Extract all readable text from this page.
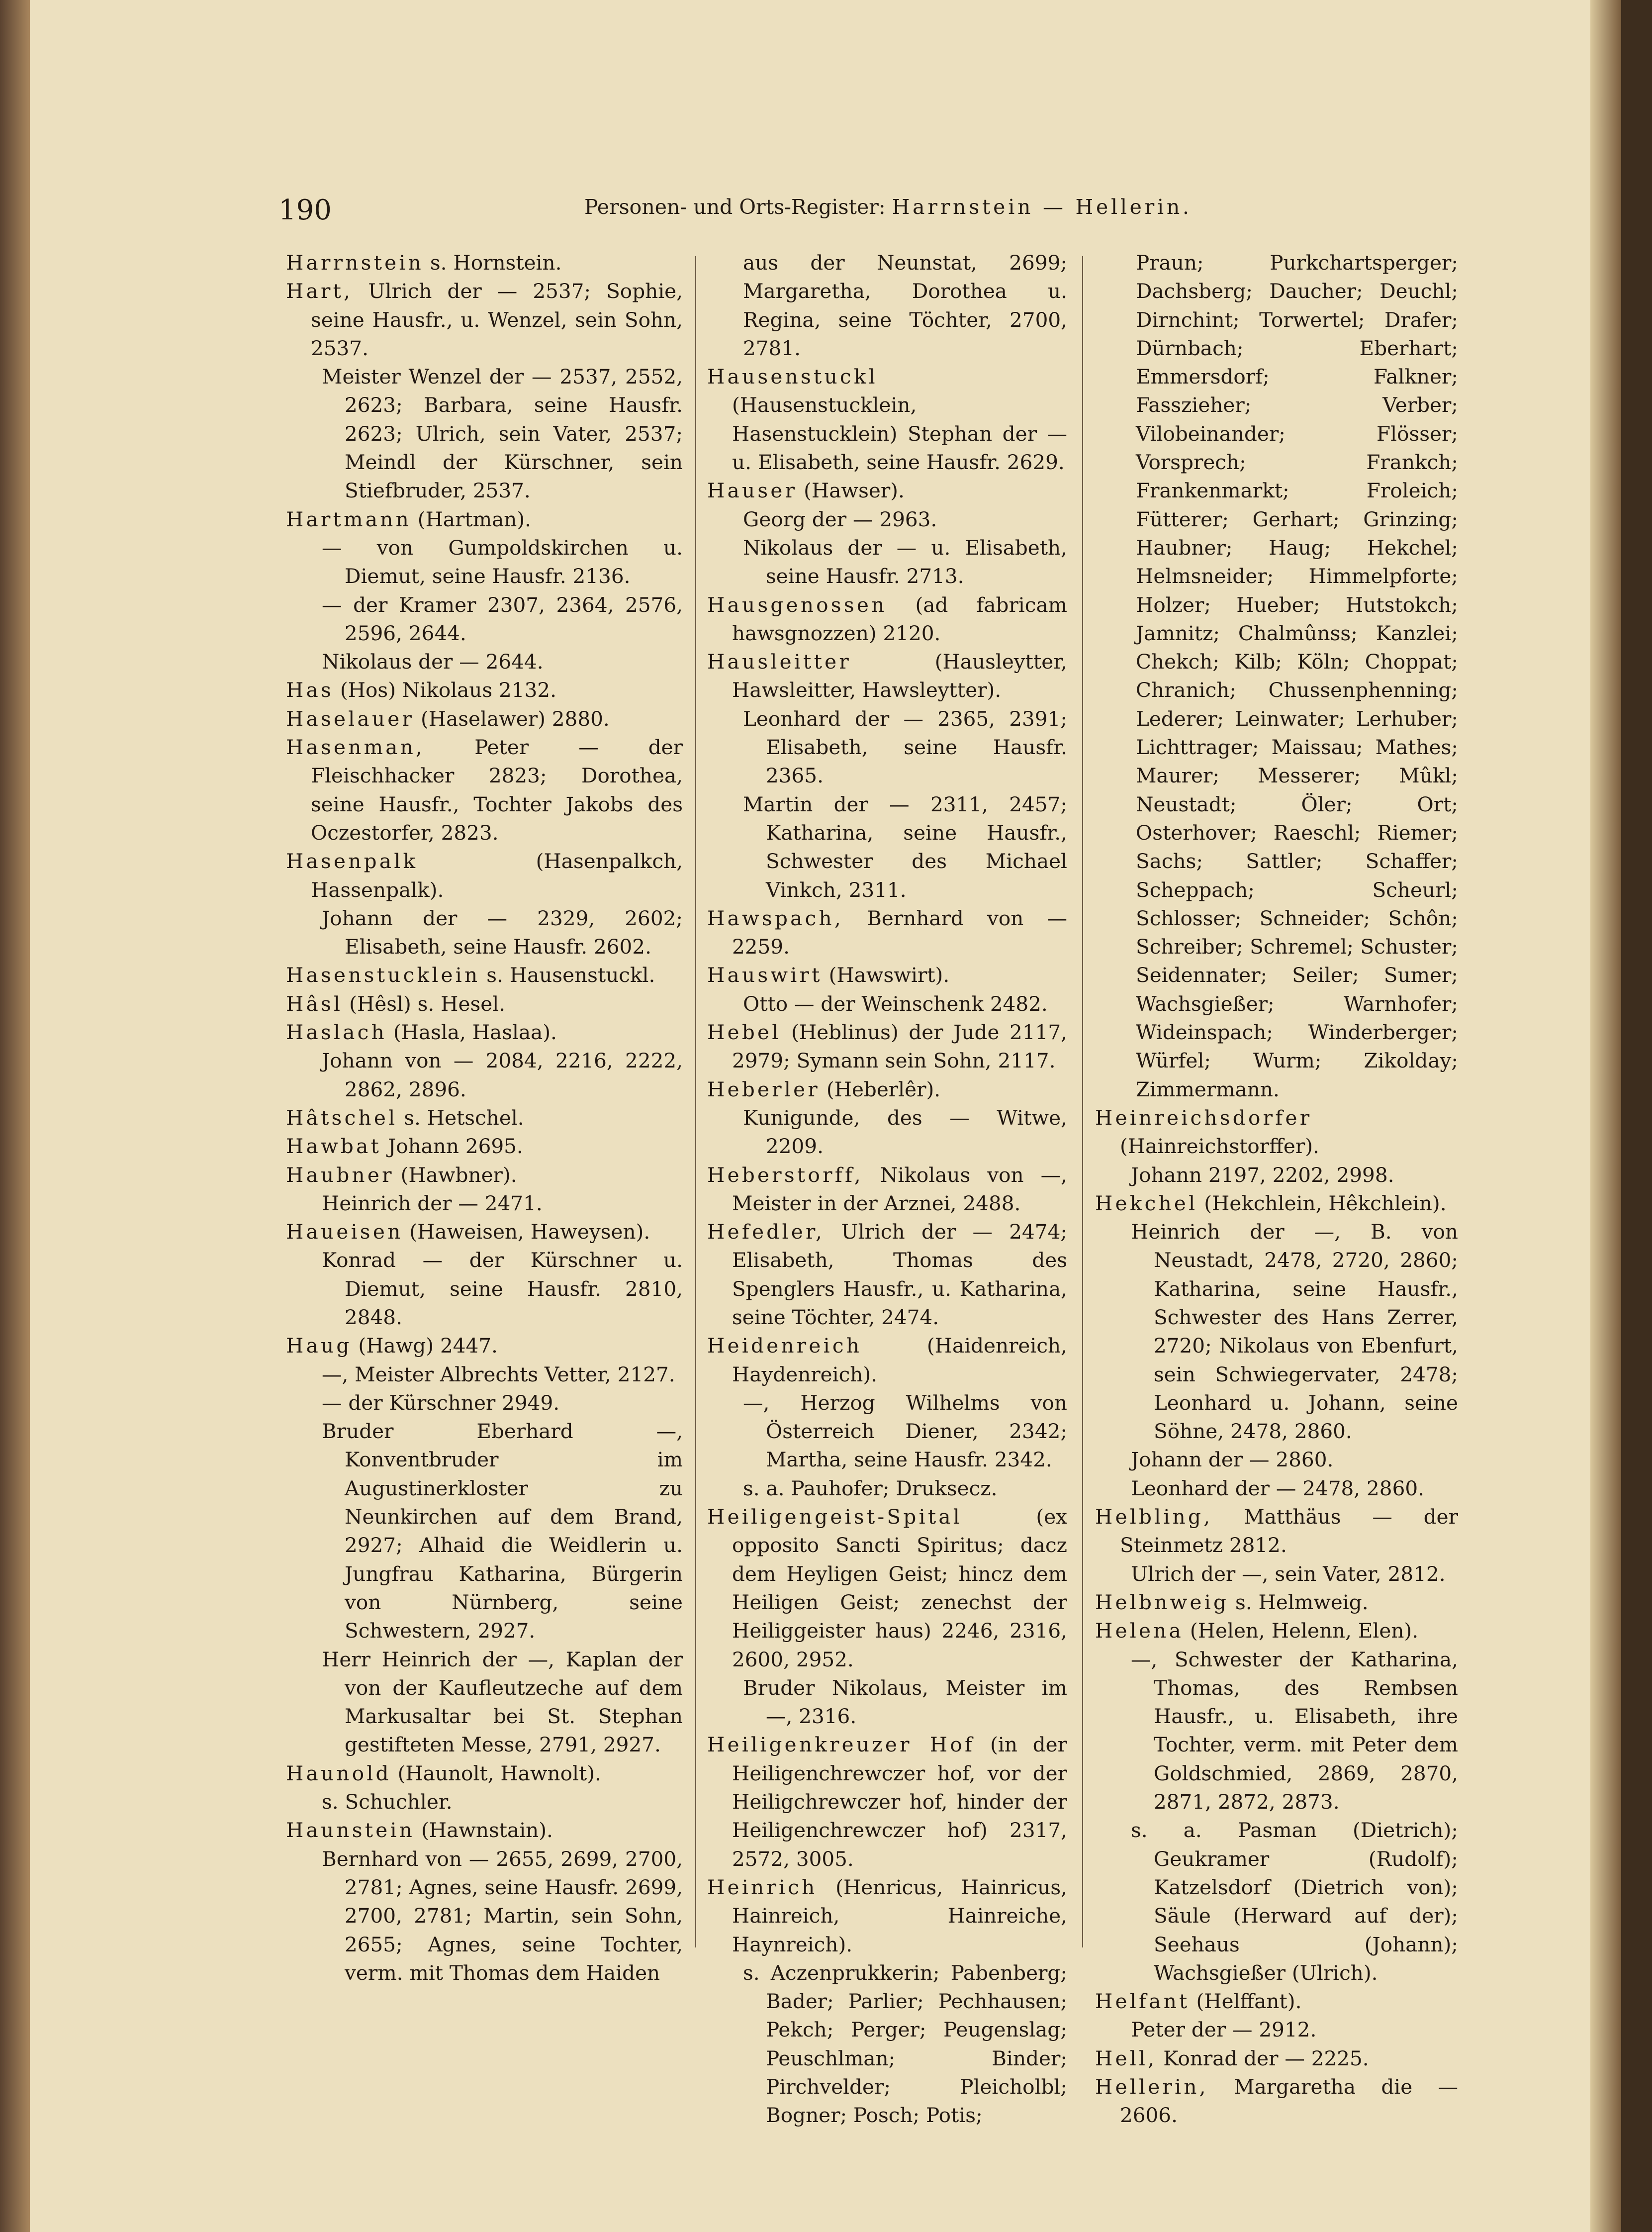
190	Personen- und Orts-Register: Harrnstein — Hellerin.
Harrnstein s. Hornstein.
Hart, Ulrich der — 2537; Sophie, seine Hausfr., u. Wenzel, sein Sohn, 2537.
Meister Wenzel der — 2537, 2552, 2623; Barbara, seine Hausfr. 2623; Ulrich, sein Vater, 2537; Meindl der Kürschner, sein Stiefbruder, 2537.
Hartmann (Hartman).
— von Gumpoldskirchen u. Diemut, seine Hausfr. 2136.
— der Kramer 2307, 2364, 2576, 2596, 2644.
Nikolaus der — 2644.
Has (Hos) Nikolaus 2132.
Haselauer (Haselawer) 2880.
Hasenman, Peter — der Fleischhacker 2823; Dorothea, seine Hausfr., Tochter Jakobs des Oczestorfer, 2823.
Hasenpalk (Hasenpalkch, Hassenpalk).
Johann der — 2329, 2602; Elisabeth, seine Hausfr. 2602.
Hasenstucklein s. Hausenstuckl.
Hâsl (Hêsl) s. Hesel.
Haslach (Hasla, Haslaa).
Johann von — 2084, 2216, 2222, 2862, 2896.
Hâtschel s. Hetschel.
Hawbat Johann 2695.
Haubner (Hawbner).
Heinrich der — 2471.
Haueisen (Haweisen, Haweysen).
Konrad — der Kürschner u. Diemut, seine Hausfr. 2810, 2848.
Haug (Hawg) 2447.
—, Meister Albrechts Vetter, 2127.
— der Kürschner 2949.
Bruder Eberhard —, Konventbruder im Augustinerkloster zu Neunkirchen auf dem Brand, 2927; Alhaid die Weidlerin u. Jungfrau Katharina, Bürgerin von Nürnberg, seine Schwestern, 2927.
Herr Heinrich der —, Kaplan der von der Kaufleutzeche auf dem Markusaltar bei St. Stephan gestifteten Messe, 2791, 2927.
Haunold (Haunolt, Hawnolt).
s. Schuchler.
Haunstein (Hawnstain).
Bernhard von — 2655, 2699, 2700, 2781; Agnes, seine Hausfr. 2699, 2700, 2781; Martin, sein Sohn, 2655; Agnes, seine Tochter, verm. mit Thomas dem Haiden
aus der Neunstat, 2699; Margaretha, Dorothea u. Regina, seine Töchter, 2700, 2781.
Hausenstuckl (Hausenstucklein, Hasenstucklein) Stephan der — u. Elisabeth, seine Hausfr. 2629.
Hauser (Hawser).
Georg der — 2963.
Nikolaus der — u. Elisabeth, seine Hausfr. 2713.
Hausgenossen (ad fabricam hawsgnozzen) 2120.
Hausleitter (Hausleytter, Hawsleitter, Hawsleytter).
Leonhard der — 2365, 2391; Elisabeth, seine Hausfr. 2365.
Martin der — 2311, 2457; Katharina, seine Hausfr., Schwester des Michael Vinkch, 2311.
Hawspach, Bernhard von — 2259.
Hauswirt (Hawswirt).
Otto — der Weinschenk 2482.
Hebel (Heblinus) der Jude 2117, 2979; Symann sein Sohn, 2117.
Heberler (Heberlêr).
Kunigunde, des — Witwe, 2209.
Heberstorff, Nikolaus von —, Meister in der Arznei, 2488.
Hefedler, Ulrich der — 2474; Elisabeth, Thomas des Spenglers Hausfr., u. Katharina, seine Töchter, 2474.
Heidenreich (Haidenreich, Haydenreich).
—, Herzog Wilhelms von Österreich Diener, 2342; Martha, seine Hausfr. 2342.
s. a. Pauhofer; Druksecz.
Heiligengeist-Spital (ex opposito Sancti Spiritus; dacz dem Heyligen Geist; hincz dem Heiligen Geist; zenechst der Heiliggeister haus) 2246, 2316, 2600, 2952.
Bruder Nikolaus, Meister im —, 2316.
Heiligenkreuzer Hof (in der Heiligenchrewczer hof, vor der Heiligchrewczer hof, hinder der Heiligenchrewczer hof) 2317, 2572, 3005.
Heinrich (Henricus, Hainricus, Hainreich, Hainreiche, Haynreich).
s. Aczenprukkerin; Pabenberg; Bader; Parlier; Pechhausen; Pekch; Perger; Peugenslag; Peuschlman; Binder; Pirchvelder; Pleicholbl; Bogner; Posch; Potis;
Praun; Purkchartsperger; Dachsberg; Daucher; Deuchl; Dirnchint; Torwertel; Drafer; Dürnbach; Eberhart; Emmersdorf; Falkner; Fasszieher; Verber; Vilobeinander; Flösser; Vorsprech; Frankch; Frankenmarkt; Froleich; Fütterer; Gerhart; Grinzing; Haubner; Haug; Hekchel; Helmsneider; Himmelpforte; Holzer; Hueber; Hutstokch; Jamnitz; Chalmûnss; Kanzlei; Chekch; Kilb; Köln; Choppat; Chranich; Chussenphenning; Lederer; Leinwater; Lerhuber; Lichttrager; Maissau; Mathes; Maurer; Messerer; Mûkl; Neustadt; Öler; Ort; Osterhover; Raeschl; Riemer; Sachs; Sattler; Schaffer; Scheppach; Scheurl; Schlosser; Schneider; Schôn; Schreiber; Schremel; Schuster; Seidennater; Seiler; Sumer; Wachsgießer; Warnhofer; Wideinspach; Winderberger; Würfel; Wurm; Zikolday; Zimmermann.
Heinreichsdorfer (Hainreichstorffer).
Johann 2197, 2202, 2998.
Hekchel (Hekchlein, Hêkchlein).
Heinrich der —, B. von Neustadt, 2478, 2720, 2860; Katharina, seine Hausfr., Schwester des Hans Zerrer, 2720; Nikolaus von Ebenfurt, sein Schwiegervater, 2478; Leonhard u. Johann, seine Söhne, 2478, 2860.
Johann der — 2860.
Leonhard der — 2478, 2860.
Helbling, Matthäus — der Steinmetz 2812.
Ulrich der —, sein Vater, 2812.
Helbnweig s. Helmweig.
Helena (Helen, Helenn, Elen).
—, Schwester der Katharina, Thomas, des Rembsen Hausfr., u. Elisabeth, ihre Tochter, verm. mit Peter dem Goldschmied, 2869, 2870, 2871, 2872, 2873.
s. a. Pasman (Dietrich); Geukramer (Rudolf); Katzelsdorf (Dietrich von); Säule (Herward auf der); Seehaus (Johann); Wachsgießer (Ulrich).
Helfant (Helffant).
Peter der — 2912.
Hell, Konrad der — 2225.
Hellerin, Margaretha die — 2606.
